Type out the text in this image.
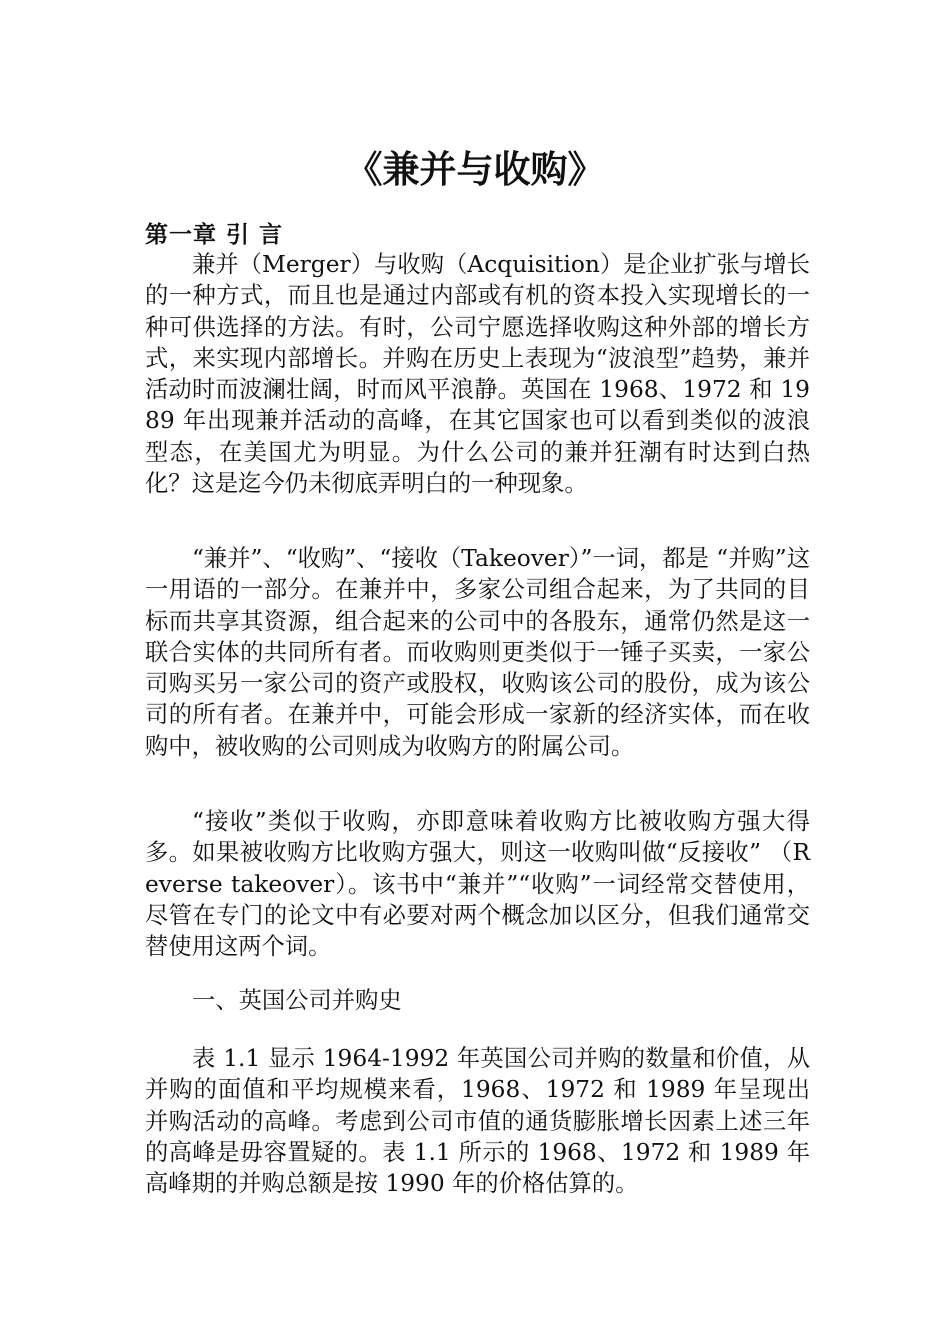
《兼并与收购》
第一章 引 言

兼并（Merger）与收购（Acquisition）是企业扩张与增长的一种方式，而且也是通过内部或有机的资本投入实现增长的一种可供选择的方法。有时，公司宁愿选择收购这种外部的增长方式，来实现内部增长。并购在历史上表现为“波浪型”趋势，兼并活动时而波澜壮阔，时而风平浪静。英国在 1968、1972 和 1989 年出现兼并活动的高峰，在其它国家也可以看到类似的波浪型态，在美国尤为明显。为什么公司的兼并狂潮有时达到白热化？这是迄今仍未彻底弄明白的一种现象。

“兼并”、“收购”、“接收（Takeover）”一词，都是 “并购”这一用语的一部分。在兼并中，多家公司组合起来，为了共同的目标而共享其资源，组合起来的公司中的各股东，通常仍然是这一联合实体的共同所有者。而收购则更类似于一锤子买卖，一家公司购买另一家公司的资产或股权，收购该公司的股份，成为该公司的所有者。在兼并中，可能会形成一家新的经济实体，而在收购中，被收购的公司则成为收购方的附属公司。

“接收”类似于收购，亦即意味着收购方比被收购方强大得多。如果被收购方比收购方强大，则这一收购叫做“反接收” （Reverse takeover）。该书中“兼并”“收购”一词经常交替使用，尽管在专门的论文中有必要对两个概念加以区分，但我们通常交替使用这两个词。

一、英国公司并购史

表 1.1 显示 1964-1992 年英国公司并购的数量和价值，从并购的面值和平均规模来看，1968、1972 和 1989 年呈现出并购活动的高峰。考虑到公司市值的通货膨胀增长因素上述三年的高峰是毋容置疑的。表 1.1 所示的 1968、1972 和 1989 年高峰期的并购总额是按 1990 年的价格估算的。
